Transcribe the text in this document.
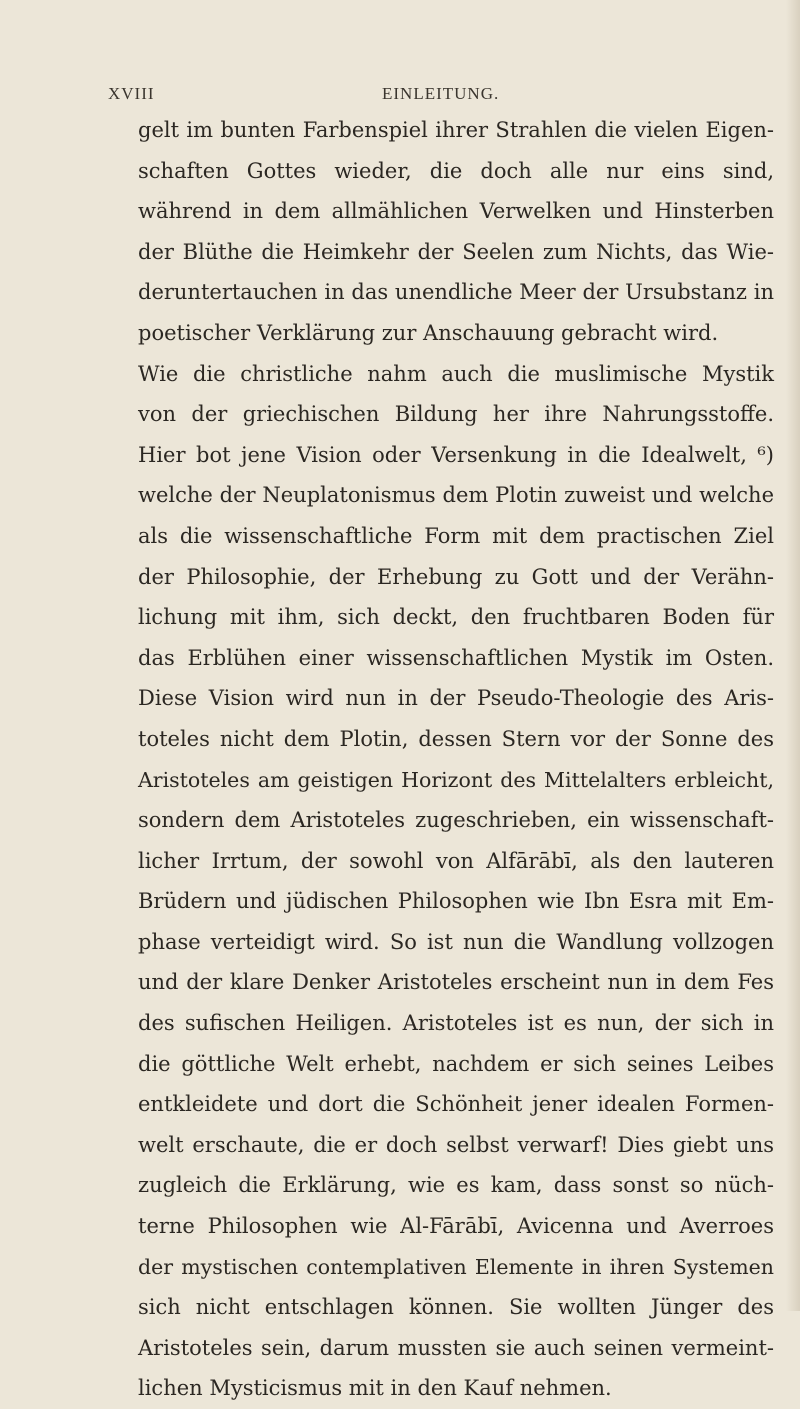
XVIII	EINLEITUNG.
gelt im bunten Farbenspiel ihrer Strahlen die vielen Eigen-
schaften Gottes wieder, die doch alle nur eins sind,
während in dem allmählichen Verwelken und Hinsterben
der Blüthe die Heimkehr der Seelen zum Nichts, das Wie-
deruntertauchen in das unendliche Meer der Ursubstanz in
poetischer Verklärung zur Anschauung gebracht wird.
Wie die christliche nahm auch die muslimische Mystik
von der griechischen Bildung her ihre Nahrungsstoffe.
Hier bot jene Vision oder Versenkung in die Idealwelt, ⁶)
welche der Neuplatonismus dem Plotin zuweist und welche
als die wissenschaftliche Form mit dem practischen Ziel
der Philosophie, der Erhebung zu Gott und der Verähn-
lichung mit ihm, sich deckt, den fruchtbaren Boden für
das Erblühen einer wissenschaftlichen Mystik im Osten.
Diese Vision wird nun in der Pseudo-Theologie des Aris-
toteles nicht dem Plotin, dessen Stern vor der Sonne des
Aristoteles am geistigen Horizont des Mittelalters erbleicht,
sondern dem Aristoteles zugeschrieben, ein wissenschaft-
licher Irrtum, der sowohl von Alfārābī, als den lauteren
Brüdern und jüdischen Philosophen wie Ibn Esra mit Em-
phase verteidigt wird. So ist nun die Wandlung vollzogen
und der klare Denker Aristoteles erscheint nun in dem Fes
des sufischen Heiligen. Aristoteles ist es nun, der sich in
die göttliche Welt erhebt, nachdem er sich seines Leibes
entkleidete und dort die Schönheit jener idealen Formen-
welt erschaute, die er doch selbst verwarf! Dies giebt uns
zugleich die Erklärung, wie es kam, dass sonst so nüch-
terne Philosophen wie Al-Fārābī, Avicenna und Averroes
der mystischen contemplativen Elemente in ihren Systemen
sich nicht entschlagen können. Sie wollten Jünger des
Aristoteles sein, darum mussten sie auch seinen vermeint-
lichen Mysticismus mit in den Kauf nehmen.
